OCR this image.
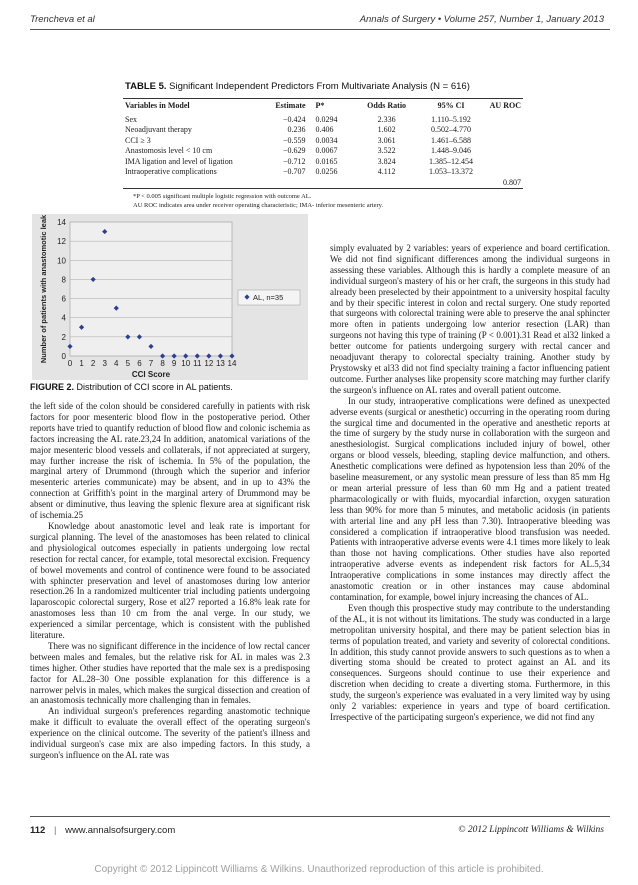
Trencheva et al	Annals of Surgery • Volume 257, Number 1, January 2013
TABLE 5. Significant Independent Predictors From Multivariate Analysis (N = 616)
Variables in Model	Estimate	P*	Odds Ratio	95% CI	AU ROC
Sex	−0.424	0.0294	2.336	1.110–5.192	
Neoadjuvant therapy	0.236	0.406	1.602	0.502–4.770	
CCI ≥ 3	−0.559	0.0034	3.061	1.461–6.588	
Anastomosis level < 10 cm	−0.629	0.0067	3.522	1.448–9.046	
IMA ligation and level of ligation	−0.712	0.0165	3.824	1.385–12.454	
Intraoperative complications	−0.707	0.0256	4.112	1.053–13.372	
					0.807
*P < 0.005 significant multiple logistic regression with outcome AL.
AU ROC indicates area under receiver operating characteristic; IMA- inferior mesenteric artery.
0
2
4
6
8
10
12
14
0 1 2 3 4 5 6 7 8 9 10 11 12 13 14
CCI Score
Number of patients with anastomotic leak	AL, n=35
FIGURE 2. Distribution of CCI score in AL patients.

the left side of the colon should be considered carefully in patients with risk factors for poor mesenteric blood flow in the postoperative period. Other reports have tried to quantify reduction of blood flow and colonic ischemia as factors increasing the AL rate.23,24 In addition, anatomical variations of the major mesenteric blood vessels and collaterals, if not appreciated at surgery, may further increase the risk of ischemia. In 5% of the population, the marginal artery of Drummond (through which the superior and inferior mesenteric arteries communicate) may be absent, and in up to 43% the connection at Griffith's point in the marginal artery of Drummond may be absent or diminutive, thus leaving the splenic flexure area at significant risk of ischemia.25

Knowledge about anastomotic level and leak rate is important for surgical planning. The level of the anastomoses has been related to clinical and physiological outcomes especially in patients undergoing low rectal resection for rectal cancer, for example, total mesorectal excision. Frequency of bowel movements and control of continence were found to be associated with sphincter preservation and level of anastomoses during low anterior resection.26 In a randomized multicenter trial including patients undergoing laparoscopic colorectal surgery, Rose et al27 reported a 16.8% leak rate for anastomoses less than 10 cm from the anal verge. In our study, we experienced a similar percentage, which is consistent with the published literature.

There was no significant difference in the incidence of low rectal cancer between males and females, but the relative risk for AL in males was 2.3 times higher. Other studies have reported that the male sex is a predisposing factor for AL.28–30 One possible explanation for this difference is a narrower pelvis in males, which makes the surgical dissection and creation of an anastomosis technically more challenging than in females.

An individual surgeon's preferences regarding anastomotic technique make it difficult to evaluate the overall effect of the operating surgeon's experience on the clinical outcome. The severity of the patient's illness and individual surgeon's case mix are also impeding factors. In this study, a surgeon's influence on the AL rate was

simply evaluated by 2 variables: years of experience and board certification. We did not find significant differences among the individual surgeons in assessing these variables. Although this is hardly a complete measure of an individual surgeon's mastery of his or her craft, the surgeons in this study had already been preselected by their appointment to a university hospital faculty and by their specific interest in colon and rectal surgery. One study reported that surgeons with colorectal training were able to preserve the anal sphincter more often in patients undergoing low anterior resection (LAR) than surgeons not having this type of training (P < 0.001).31 Read et al32 linked a better outcome for patients undergoing surgery with rectal cancer and neoadjuvant therapy to colorectal specialty training. Another study by Prystowsky et al33 did not find specialty training a factor influencing patient outcome. Further analyses like propensity score matching may further clarify the surgeon's influence on AL rates and overall patient outcome.

In our study, intraoperative complications were defined as unexpected adverse events (surgical or anesthetic) occurring in the operating room during the surgical time and documented in the operative and anesthetic reports at the time of surgery by the study nurse in collaboration with the surgeon and anesthesiologist. Surgical complications included injury of bowel, other organs or blood vessels, bleeding, stapling device malfunction, and others. Anesthetic complications were defined as hypotension less than 20% of the baseline measurement, or any systolic mean pressure of less than 85 mm Hg or mean arterial pressure of less than 60 mm Hg and a patient treated pharmacologically or with fluids, myocardial infarction, oxygen saturation less than 90% for more than 5 minutes, and metabolic acidosis (in patients with arterial line and any pH less than 7.30). Intraoperative bleeding was considered a complication if intraoperative blood transfusion was needed. Patients with intraoperative adverse events were 4.1 times more likely to leak than those not having complications. Other studies have also reported intraoperative adverse events as independent risk factors for AL.5,34 Intraoperative complications in some instances may directly affect the anastomotic creation or in other instances may cause abdominal contamination, for example, bowel injury increasing the chances of AL.

Even though this prospective study may contribute to the understanding of the AL, it is not without its limitations. The study was conducted in a large metropolitan university hospital, and there may be patient selection bias in terms of population treated, and variety and severity of colorectal conditions. In addition, this study cannot provide answers to such questions as to when a diverting stoma should be created to protect against an AL and its consequences. Surgeons should continue to use their experience and discretion when deciding to create a diverting stoma. Furthermore, in this study, the surgeon's experience was evaluated in a very limited way by using only 2 variables: experience in years and type of board certification. Irrespective of the participating surgeon's experience, we did not find any

112 | www.annalsofsurgery.com	© 2012 Lippincott Williams & Wilkins
Copyright © 2012 Lippincott Williams & Wilkins. Unauthorized reproduction of this article is prohibited.
